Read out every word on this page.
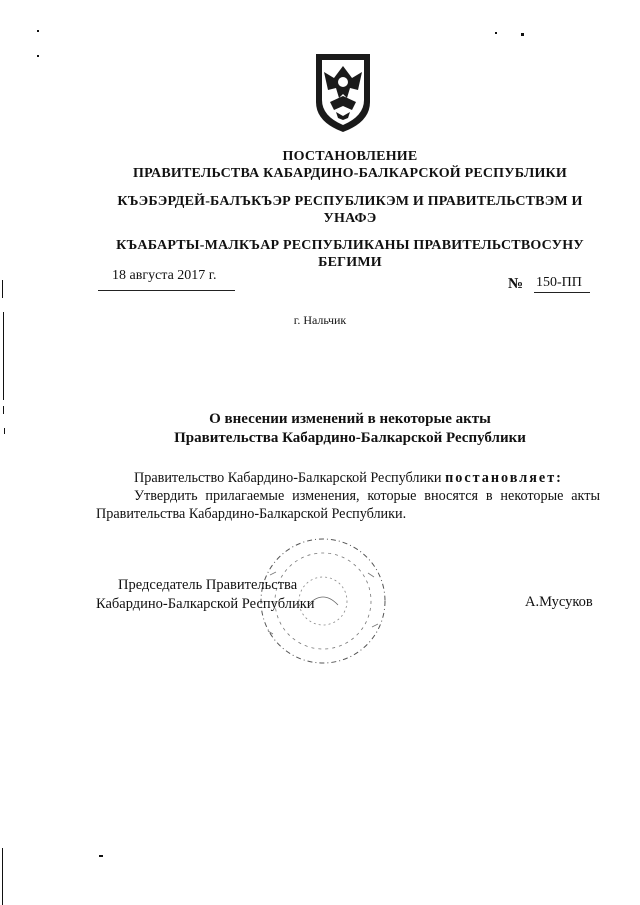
ПОСТАНОВЛЕНИЕ
ПРАВИТЕЛЬСТВА КАБАРДИНО-БАЛКАРСКОЙ РЕСПУБЛИКИ
КЪЭБЭРДЕЙ-БАЛЪКЪЭР РЕСПУБЛИКЭМ И ПРАВИТЕЛЬСТВЭМ И
УНАФЭ
КЪАБАРТЫ-МАЛКЪАР РЕСПУБЛИКАНЫ ПРАВИТЕЛЬСТВОСУНУ
БЕГИМИ
18 августа 2017 г.
№ 150-ПП
г. Нальчик
О внесении изменений в некоторые акты
Правительства Кабардино-Балкарской Республики
Правительство Кабардино-Балкарской Республики постановляет:
Утвердить прилагаемые изменения, которые вносятся в некоторые акты Правительства Кабардино-Балкарской Республики.
Председатель Правительства
Кабардино-Балкарской Республики	А.Мусуков
